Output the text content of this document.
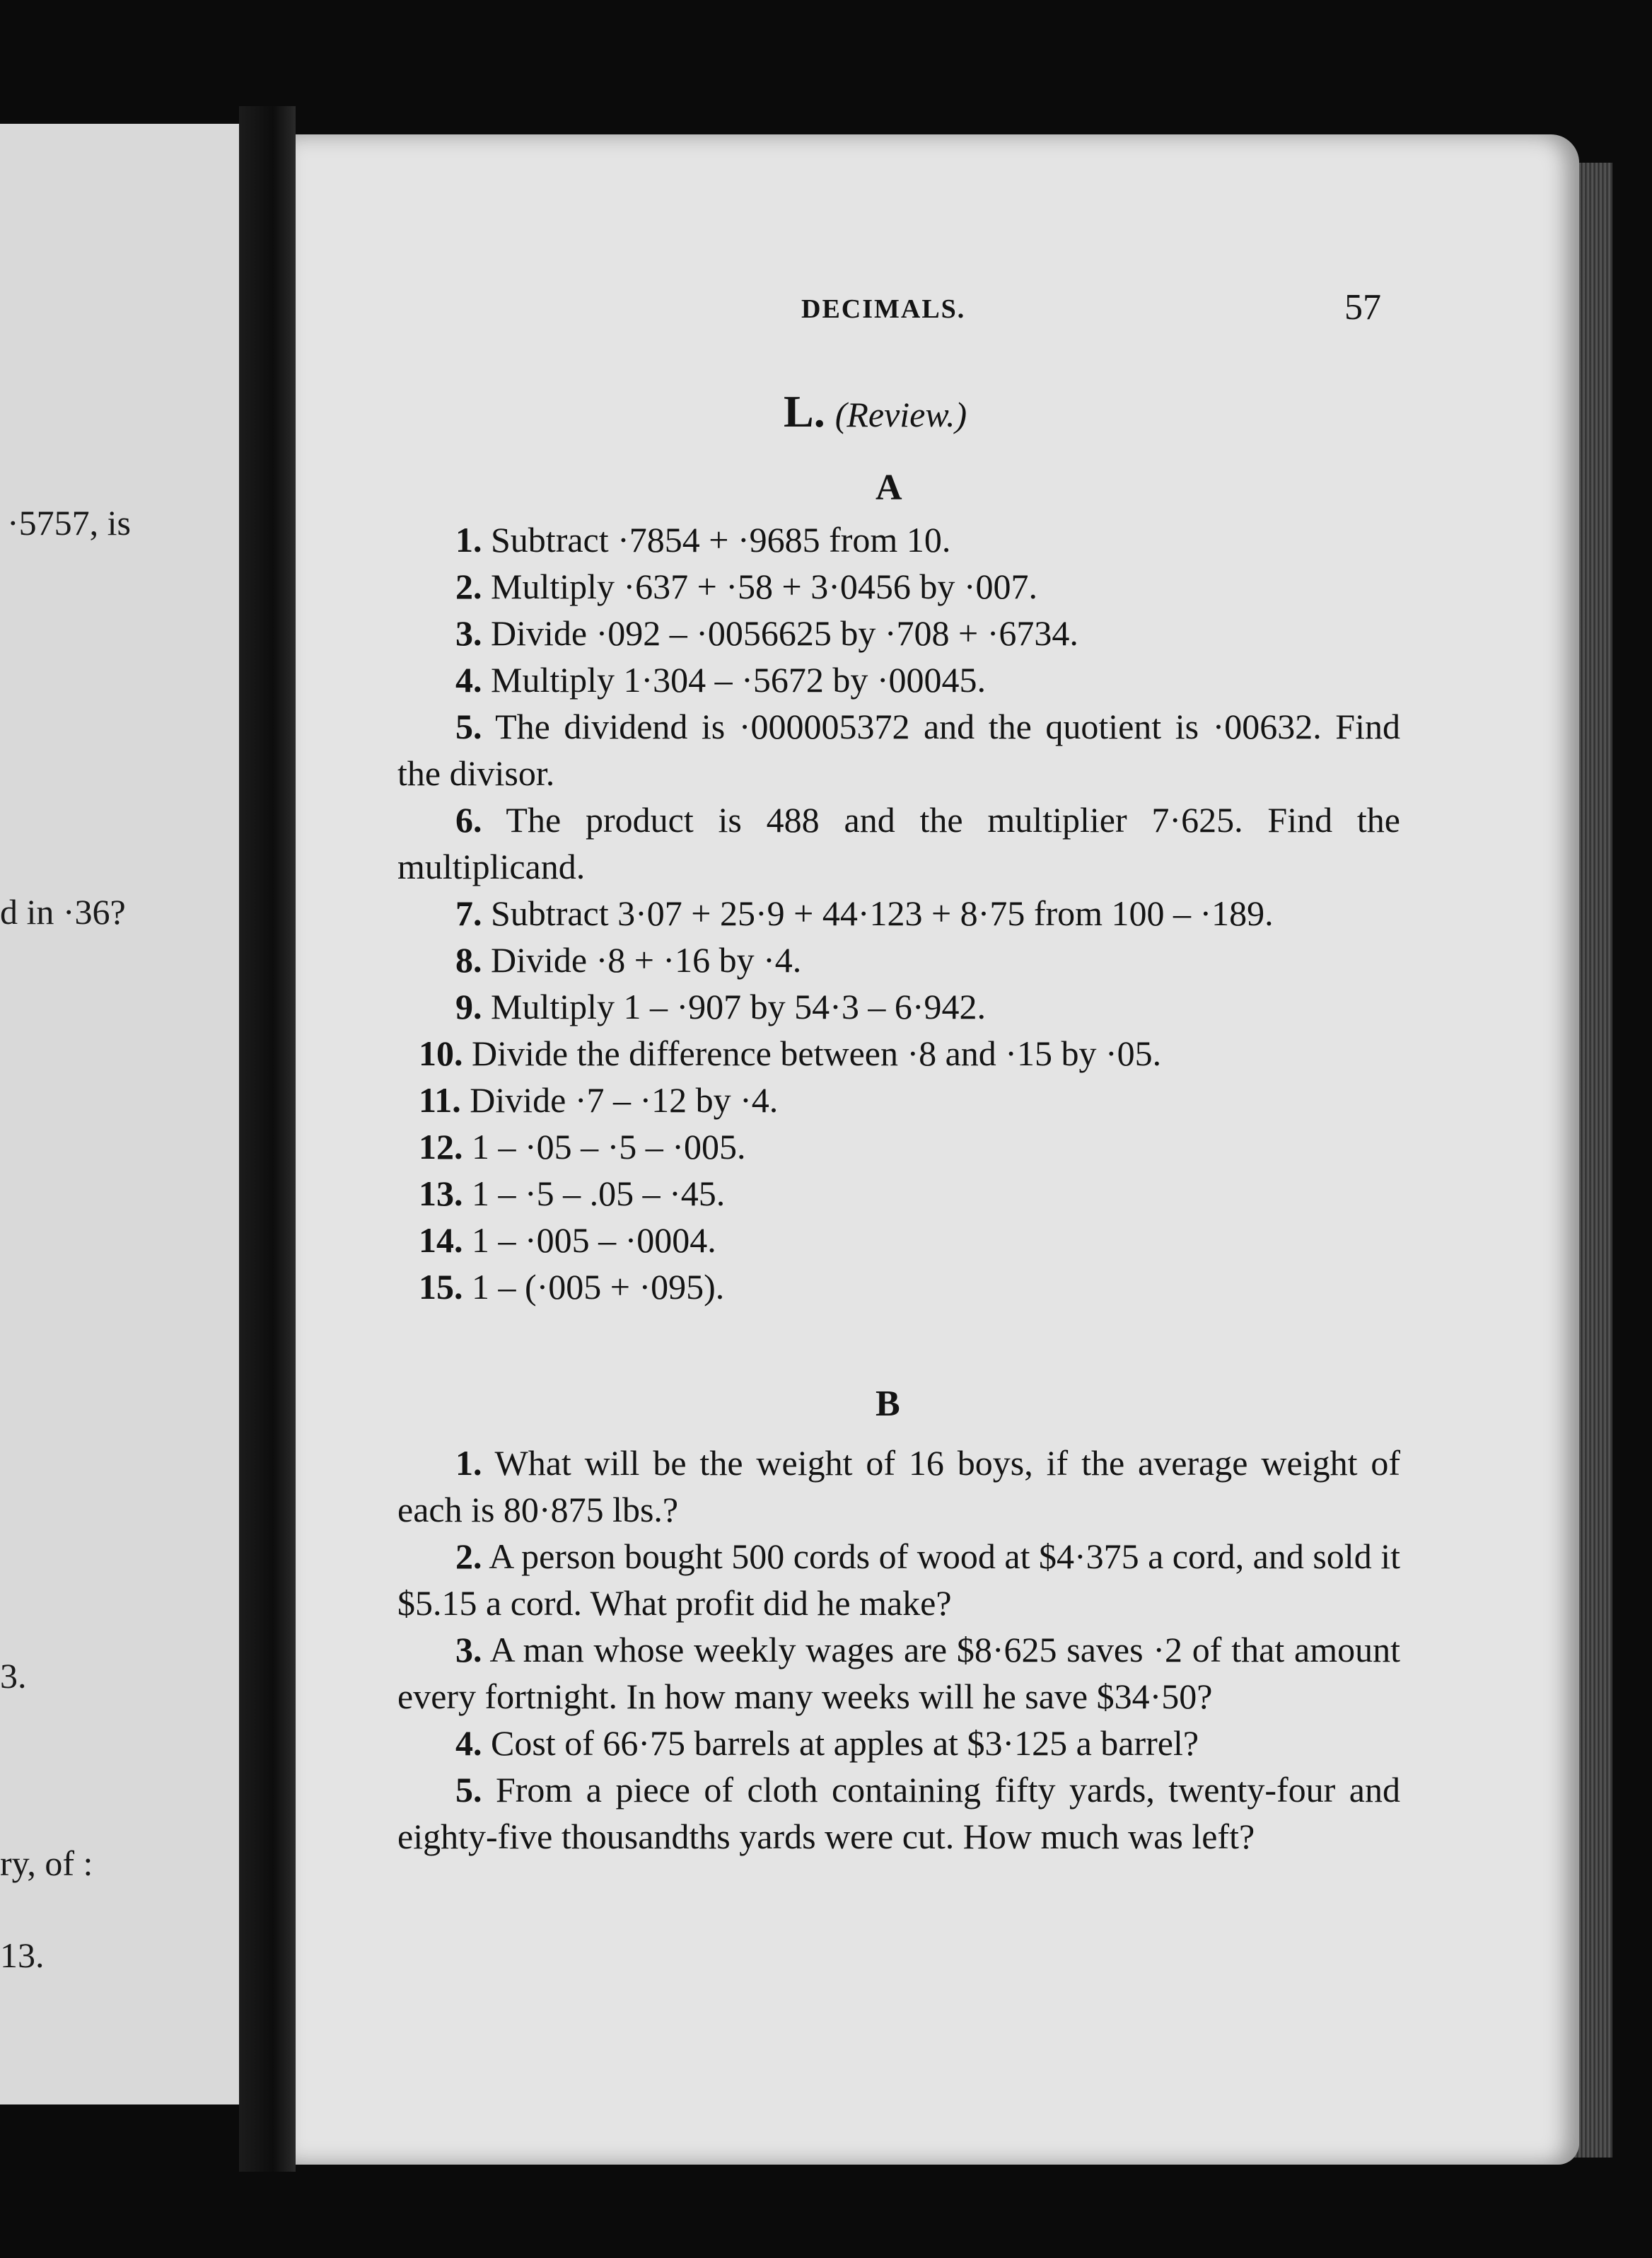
·5757, is
d in ·36?
3.
ry, of :
13.
DECIMALS.	57
L. (Review.)
A

1. Subtract ·7854 + ·9685 from 10.

2. Multiply ·637 + ·58 + 3·0456 by ·007.

3. Divide ·092 – ·0056625 by ·708 + ·6734.

4. Multiply 1·304 – ·5672 by ·00045.

5. The dividend is ·000005372 and the quotient is ·00632. Find the divisor.

6. The product is 488 and the multiplier 7·625. Find the multiplicand.

7. Subtract 3·07 + 25·9 + 44·123 + 8·75 from 100 – ·189.

8. Divide ·8 + ·16 by ·4.

9. Multiply 1 – ·907 by 54·3 – 6·942.

10. Divide the difference between ·8 and ·15 by ·05.

11. Divide ·7 – ·12 by ·4.

12. 1 – ·05 – ·5 – ·005.

13. 1 – ·5 – .05 – ·45.

14. 1 – ·005 – ·0004.

15. 1 – (·005 + ·095).

B

1. What will be the weight of 16 boys, if the average weight of each is 80·875 lbs.?

2. A person bought 500 cords of wood at $4·375 a cord, and sold it $5.15 a cord. What profit did he make?

3. A man whose weekly wages are $8·625 saves ·2 of that amount every fortnight. In how many weeks will he save $34·50?

4. Cost of 66·75 barrels at apples at $3·125 a barrel?

5. From a piece of cloth containing fifty yards, twenty-four and eighty-five thousandths yards were cut. How much was left?
